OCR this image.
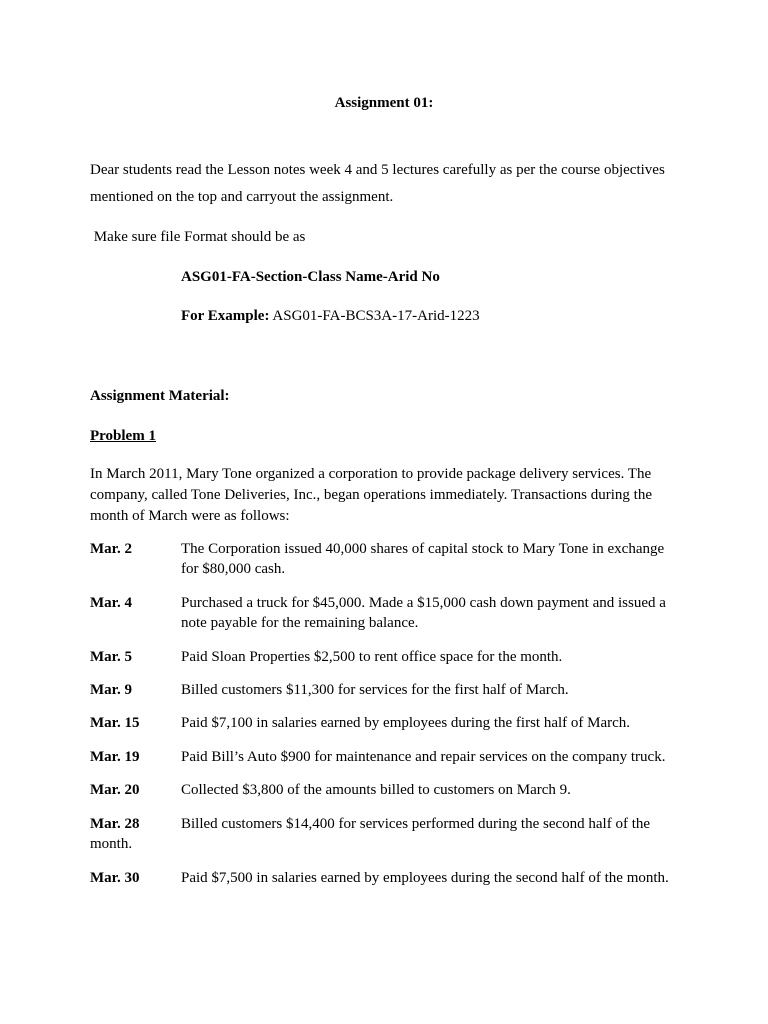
Assignment 01:
Dear students read the Lesson notes week 4 and 5 lectures carefully as per the course objectives
mentioned on the top and carryout the assignment.
Make sure file Format should be as
ASG01-FA-Section-Class Name-Arid No
For Example: ASG01-FA-BCS3A-17-Arid-1223
Assignment Material:
Problem 1
In March 2011, Mary Tone organized a corporation to provide package delivery services. The
company, called Tone Deliveries, Inc., began operations immediately. Transactions during the
month of March were as follows:
Mar. 2	The Corporation issued 40,000 shares of capital stock to Mary Tone in exchange
for $80,000 cash.
Mar. 4	Purchased a truck for $45,000. Made a $15,000 cash down payment and issued a
note payable for the remaining balance.
Mar. 5	Paid Sloan Properties $2,500 to rent office space for the month.
Mar. 9	Billed customers $11,300 for services for the first half of March.
Mar. 15	Paid $7,100 in salaries earned by employees during the first half of March.
Mar. 19	Paid Bill’s Auto $900 for maintenance and repair services on the company truck.
Mar. 20	Collected $3,800 of the amounts billed to customers on March 9.
Mar. 28	Billed customers $14,400 for services performed during the second half of the
month.
Mar. 30	Paid $7,500 in salaries earned by employees during the second half of the month.
